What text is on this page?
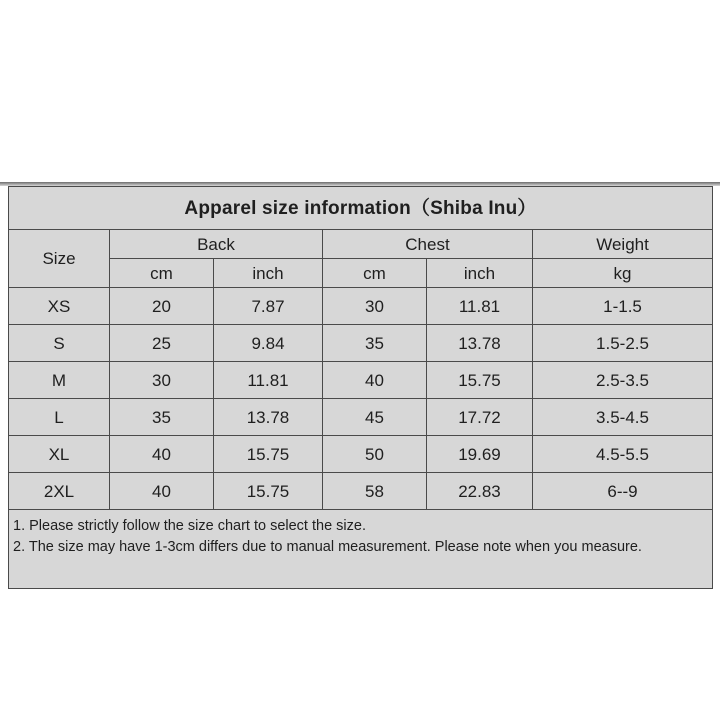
Apparel size information（Shiba Inu）					
Size	Back		Chest		Weight
	cm	inch	cm	inch	kg
XS	20	7.87	30	11.81	1-1.5
S	25	9.84	35	13.78	1.5-2.5
M	30	11.81	40	15.75	2.5-3.5
L	35	13.78	45	17.72	3.5-4.5
XL	40	15.75	50	19.69	4.5-5.5
2XL	40	15.75	58	22.83	6--9

1. Please strictly follow the size chart to select the size.
2. The size may have 1-3cm differs due to manual measurement. Please note when you measure.					
